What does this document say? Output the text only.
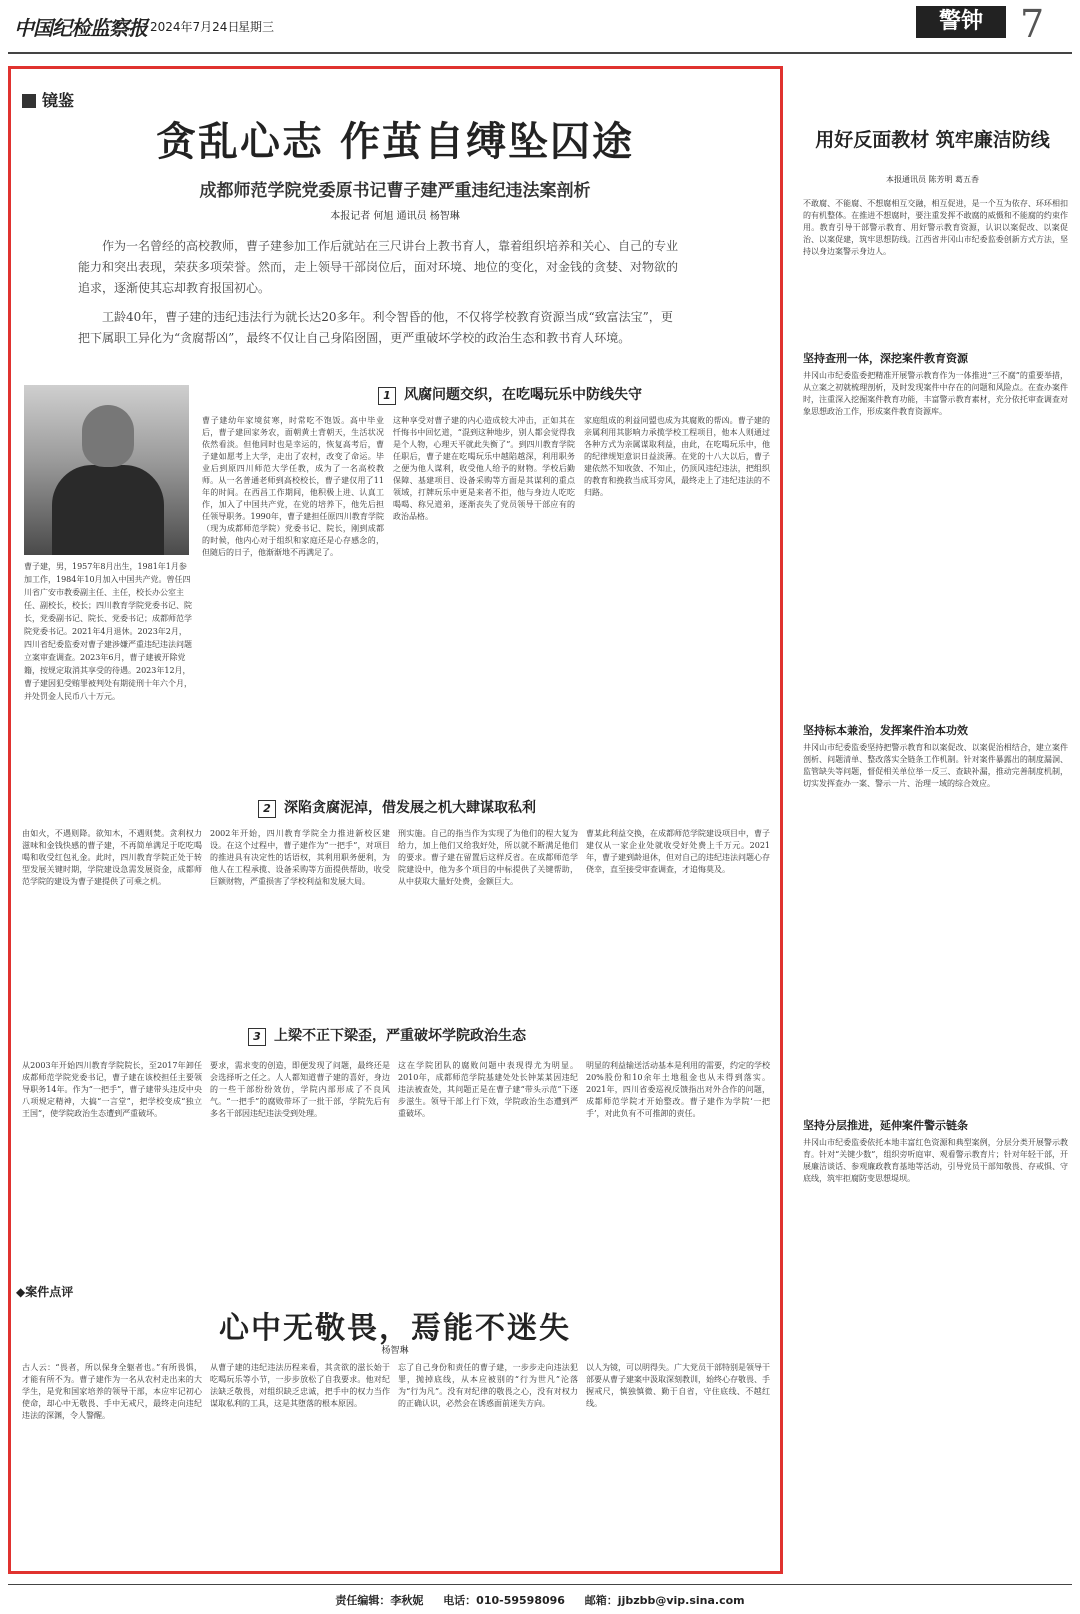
中国纪检监察报 2024年7月24日
星期三	警钟 7
镜鉴
贪乱心志 作茧自缚坠囚途
成都师范学院党委原书记曹子建严重违纪违法案剖析
本报记者 何旭 通讯员 杨智琳

作为一名曾经的高校教师，曹子建参加工作后就站在三尺讲台上教书育人，靠着组织培养和关心、自己的专业能力和突出表现，荣获多项荣誉。然而，走上领导干部岗位后，面对环境、地位的变化，对金钱的贪婪、对物欲的追求，逐渐使其忘却教育报国初心。

工龄40年，曹子建的违纪违法行为就长达20多年。利令智昏的他，不仅将学校教育资源当成“致富法宝”，更把下属职工异化为“贪腐帮凶”，最终不仅让自己身陷囹圄，更严重破坏学校的政治生态和教书育人环境。

曹子建，男，1957年8月出生，1981年1月参加工作，1984年10月加入中国共产党。曾任四川省广安市教委副主任、主任，校长办公室主任、副校长，校长；四川教育学院党委书记、院长，党委副书记、院长、党委书记；成都师范学院党委书记。2021年4月退休。2023年2月，四川省纪委监委对曹子建涉嫌严重违纪违法问题立案审查调查。2023年6月，曹子建被开除党籍，按规定取消其享受的待遇。2023年12月，曹子建因犯受贿罪被判处有期徒刑十年六个月，并处罚金人民币八十万元。
1 风腐问题交织，在吃喝玩乐中防线失守
曹子建幼年家境贫寒，时常吃不饱饭。高中毕业后，曹子建回家务农，面朝黄土背朝天，生活状况依然看淡。但他同时也是幸运的，恢复高考后，曹子建如愿考上大学，走出了农村，改变了命运。毕业后到原四川师范大学任教，成为了一名高校教师。从一名普通老师到高校校长，曹子建仅用了11年的时间。在西昌工作期间，他积极上进、认真工作，加入了中国共产党，在党的培养下，他先后担任领导职务。1990年，曹子建担任原四川教育学院（现为成都师范学院）党委书记、院长，刚到成都的时候，他内心对于组织和家庭还是心存感念的，但随后的日子，他渐渐地不再满足了。
这种享受对曹子建的内心造成较大冲击，正如其在忏悔书中回忆道，“混到这种地步，别人都会觉得我是个人物，心理天平就此失衡了”。到四川教育学院任职后，曹子建在吃喝玩乐中越陷越深，利用职务之便为他人谋利，收受他人给予的财物。学校后勤保障、基建项目、设备采购等方面是其谋利的重点领域，打牌玩乐中更是来者不拒，他与身边人吃吃喝喝、称兄道弟，逐渐丧失了党员领导干部应有的政治品格。
家庭组成的利益同盟也成为其腐败的帮凶。曹子建的亲属利用其影响力承揽学校工程项目，他本人则通过各种方式为亲属谋取利益，由此，在吃喝玩乐中，他的纪律规矩意识日益淡薄。在党的十八大以后，曹子建依然不知收敛、不知止，仍顶风违纪违法，把组织的教育和挽救当成耳旁风，最终走上了违纪违法的不归路。
2 深陷贪腐泥淖，借发展之机大肆谋取私利
由如火，不遇则降。欲知木，不遇则焚。贪利权力滋味和金钱快感的曹子建，不再简单满足于吃吃喝喝和收受红包礼金。此时，四川教育学院正处于转型发展关键时期，学院建设急需发展资金，成都师范学院的建设为曹子建提供了可乘之机。
2002年开始，四川教育学院全力推进新校区建设。在这个过程中，曹子建作为“一把手”，对项目的推进具有决定性的话语权，其利用职务便利，为他人在工程承揽、设备采购等方面提供帮助，收受巨额财物，严重损害了学校利益和发展大局。
刑实施。自己的指当作为实现了为他们的程大复为给力，加上他们又给我好处，所以就不断满足他们的要求。曹子建在留置后这样反省。在成都师范学院建设中，他为多个项目的中标提供了关键帮助，从中获取大量好处费，金额巨大。
曹某此利益交换，在成都师范学院建设项目中，曹子建仅从一家企业处就收受好处费上千万元。2021年，曹子建到龄退休，但对自己的违纪违法问题心存侥幸，直至接受审查调查，才追悔莫及。
3 上梁不正下梁歪，严重破坏学院政治生态
从2003年开始四川教育学院院长，至2017年卸任成都师范学院党委书记，曹子建在该校担任主要领导职务14年。作为“一把手”，曹子建带头违反中央八项规定精神，大搞“一言堂”，把学校变成“独立王国”，使学院政治生态遭到严重破坏。
要求，需求变的创造，即便发现了问题，最终还是会选择听之任之。人人都知道曹子建的喜好，身边的一些干部纷纷效仿，学院内部形成了不良风气。“一把手”的腐败带坏了一批干部，学院先后有多名干部因违纪违法受到处理。
这在学院团队的腐败问题中表现得尤为明显。2010年，成都师范学院基建处处长钟某某因违纪违法被查处，其问题正是在曹子建“带头示范”下逐步滋生。领导干部上行下效，学院政治生态遭到严重破坏。
明显的利益输送活动基本是利用的需要，约定的学校20%股份和10余年土地租金也从未得到落实。2021年，四川省委巡视反馈指出对外合作的问题，成都师范学院才开始整改。曹子建作为学院‘一把手’，对此负有不可推卸的责任。
◆案件点评
心中无敬畏，焉能不迷失
杨智琳
古人云：“畏者，所以保身全躯者也。”有所畏惧，才能有所不为。曹子建作为一名从农村走出来的大学生，是党和国家培养的领导干部，本应牢记初心使命，却心中无敬畏、手中无戒尺，最终走向违纪违法的深渊，令人警醒。
从曹子建的违纪违法历程来看，其贪欲的滋长始于吃喝玩乐等小节，一步步放松了自我要求。他对纪法缺乏敬畏，对组织缺乏忠诚，把手中的权力当作谋取私利的工具，这是其堕落的根本原因。
忘了自己身份和责任的曹子建，一步步走向违法犯罪，抛掉底线，从本应被别的“行为世凡”沦落为“行为凡”。没有对纪律的敬畏之心，没有对权力的正确认识，必然会在诱惑面前迷失方向。
以人为镜，可以明得失。广大党员干部特别是领导干部要从曹子建案中汲取深刻教训，始终心存敬畏、手握戒尺，慎独慎微、勤于自省，守住底线、不越红线。
用好反面教材 筑牢廉洁防线
本报通讯员 陈芳明 葛五香
不敢腐、不能腐、不想腐相互交融，相互促进，是一个互为依存、环环相扣的有机整体。在推进不想腐时，要注重发挥不敢腐的威慑和不能腐的约束作用。教育引导干部警示教育、用好警示教育资源，认识以案促改、以案促治、以案促建，筑牢思想防线。江西省井冈山市纪委监委创新方式方法，坚持以身边案警示身边人。
坚持查刑一体，深挖案件教育资源
井冈山市纪委监委把精准开展警示教育作为一体推进“三不腐”的重要举措，从立案之初就梳理剖析，及时发现案件中存在的问题和风险点。在查办案件时，注重深入挖掘案件教育功能，丰富警示教育素材，充分依托审查调查对象思想政治工作，形成案件教育资源库。
坚持标本兼治，发挥案件治本功效
井冈山市纪委监委坚持把警示教育和以案促改、以案促治相结合，建立案件剖析、问题清单、整改落实全链条工作机制。针对案件暴露出的制度漏洞、监管缺失等问题，督促相关单位举一反三、查缺补漏，推动完善制度机制，切实发挥查办一案、警示一片、治理一域的综合效应。
坚持分层推进，延伸案件警示链条
井冈山市纪委监委依托本地丰富红色资源和典型案例，分层分类开展警示教育。针对“关键少数”，组织旁听庭审、观看警示教育片；针对年轻干部，开展廉洁谈话、参观廉政教育基地等活动，引导党员干部知敬畏、存戒惧、守底线，筑牢拒腐防变思想堤坝。
责任编辑：李秋妮 电话：010-59598096 邮箱：jjbzbb@vip.sina.com
